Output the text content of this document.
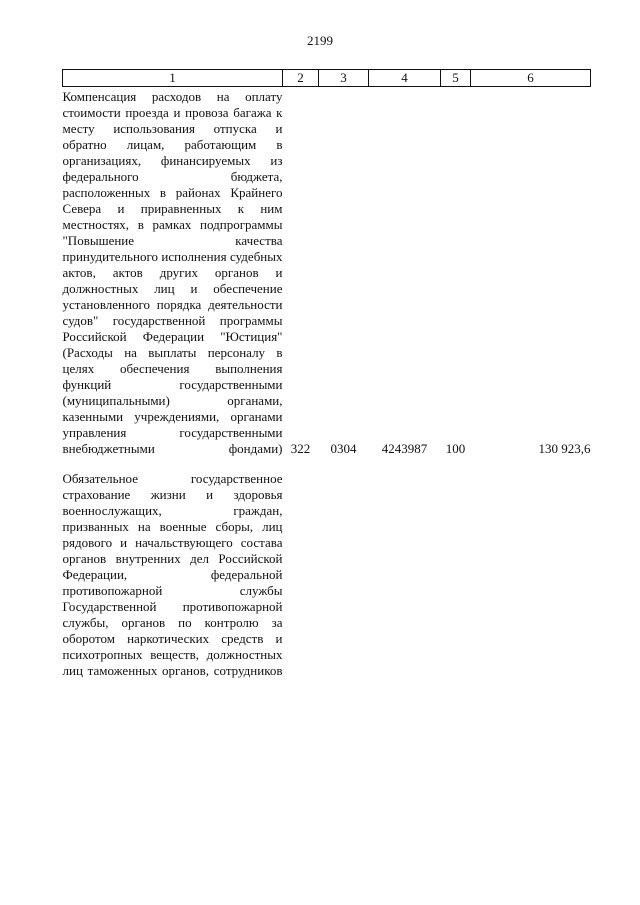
2199
1	2	3	4	5	6

Компенсация расходов на оплату стоимости проезда и провоза багажа к месту использования отпуска и обратно лицам, работающим в организациях, финансируемых из федерального бюджета, расположенных в районах Крайнего Севера и приравненных к ним местностях, в рамках подпрограммы "Повышение качества принудительного исполнения судебных актов, актов других органов и должностных лиц и обеспечение установленного порядка деятельности судов" государственной программы Российской Федерации "Юстиция" (Расходы на выплаты персоналу в целях обеспечения выполнения функций государственными (муниципальными) органами, казенными учреждениями, органами управления государственными внебюджетными фондами)	322	0304	4243987	100	130 923,6

Обязательное государственное страхование жизни и здоровья военнослужащих, граждан, призванных на военные сборы, лиц рядового и начальствующего состава органов внутренних дел Российской Федерации, федеральной противопожарной службы Государственной противопожарной службы, органов по контролю за оборотом наркотических средств и психотропных веществ, должностных лиц таможенных органов, сотрудников					
